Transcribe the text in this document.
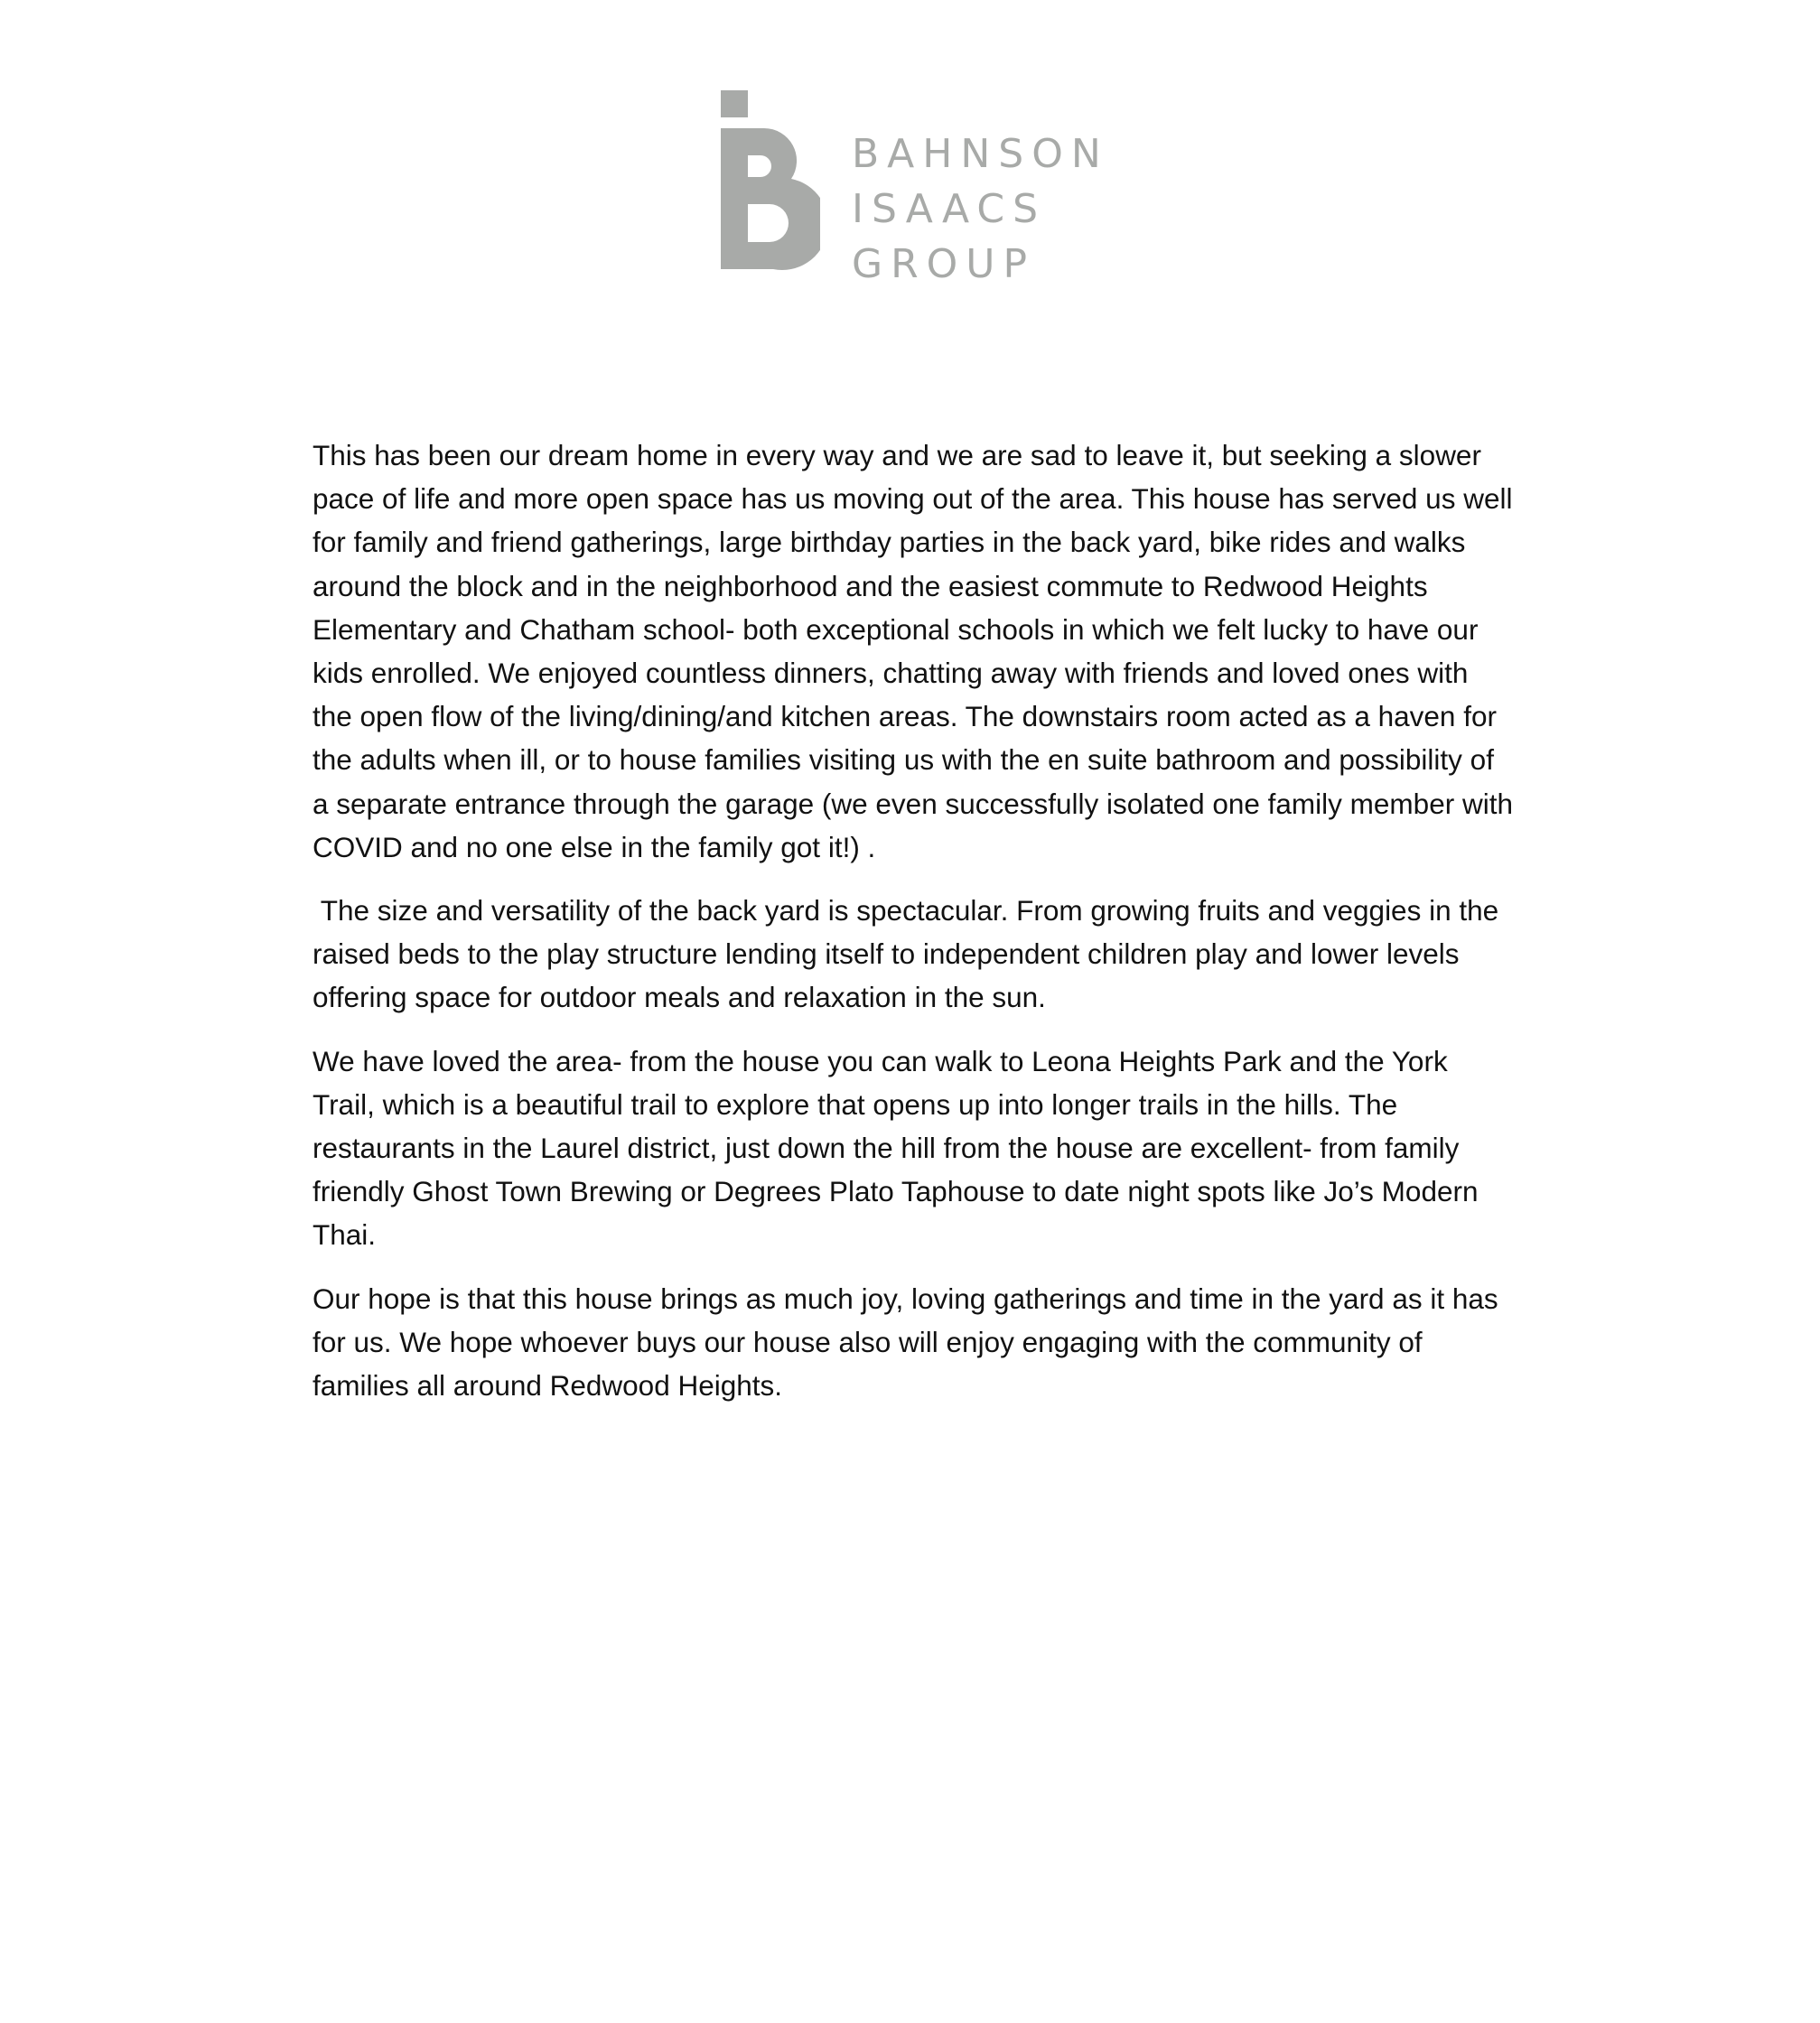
BAHNSON
ISAACS
GROUP

This has been our dream home in every way and we are sad to leave it, but seeking a slower pace of life and more open space has us moving out of the area. This house has served us well for family and friend gatherings, large birthday parties in the back yard, bike rides and walks around the block and in the neighborhood and the easiest commute to Redwood Heights Elementary and Chatham school- both exceptional schools in which we felt lucky to have our kids enrolled. We enjoyed countless dinners, chatting away with friends and loved ones with the open flow of the living/dining/and kitchen areas. The downstairs room acted as a haven for the adults when ill, or to house families visiting us with the en suite bathroom and possibility of a separate entrance through the garage (we even successfully isolated one family member with COVID and no one else in the family got it!) .

The size and versatility of the back yard is spectacular. From growing fruits and veggies in the raised beds to the play structure lending itself to independent children play and lower levels offering space for outdoor meals and relaxation in the sun.

We have loved the area- from the house you can walk to Leona Heights Park and the York Trail, which is a beautiful trail to explore that opens up into longer trails in the hills. The restaurants in the Laurel district, just down the hill from the house are excellent- from family friendly Ghost Town Brewing or Degrees Plato Taphouse to date night spots like Jo’s Modern Thai.

Our hope is that this house brings as much joy, loving gatherings and time in the yard as it has for us. We hope whoever buys our house also will enjoy engaging with the community of families all around Redwood Heights.
